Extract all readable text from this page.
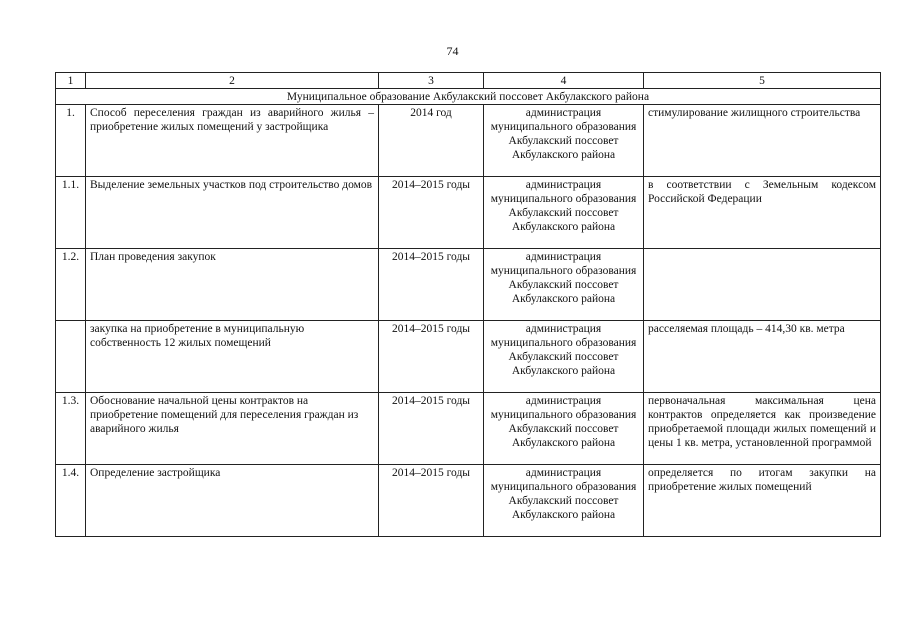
74
1	2	3	4	5
Муниципальное образование Акбулакский поссовет Акбулакского района				
1.	Способ переселения граждан из аварийного жилья – приобретение жилых помещений у застройщика	2014 год	администрация муниципального образования Акбулакский поссовет Акбулакского района	стимулирование жилищного строительства
1.1.	Выделение земельных участков под строительство домов	2014–2015 годы	администрация муниципального образования Акбулакский поссовет Акбулакского района	в соответствии с Земельным кодексом Российской Федерации
1.2.	План проведения закупок	2014–2015 годы	администрация муниципального образования Акбулакский поссовет Акбулакского района	
	закупка на приобретение в муниципальную собственность 12 жилых помещений	2014–2015 годы	администрация муниципального образования Акбулакский поссовет Акбулакского района	расселяемая площадь – 414,30 кв. метра
1.3.	Обоснование начальной цены контрактов на приобретение помещений для переселения граждан из аварийного жилья	2014–2015 годы	администрация муниципального образования Акбулакский поссовет Акбулакского района	первоначальная максимальная цена контрактов определяется как произведение приобретаемой площади жилых помещений и цены 1 кв. метра, установленной программой
1.4.	Определение застройщика	2014–2015 годы	администрация муниципального образования Акбулакский поссовет Акбулакского района	определяется по итогам закупки на приобретение жилых помещений
